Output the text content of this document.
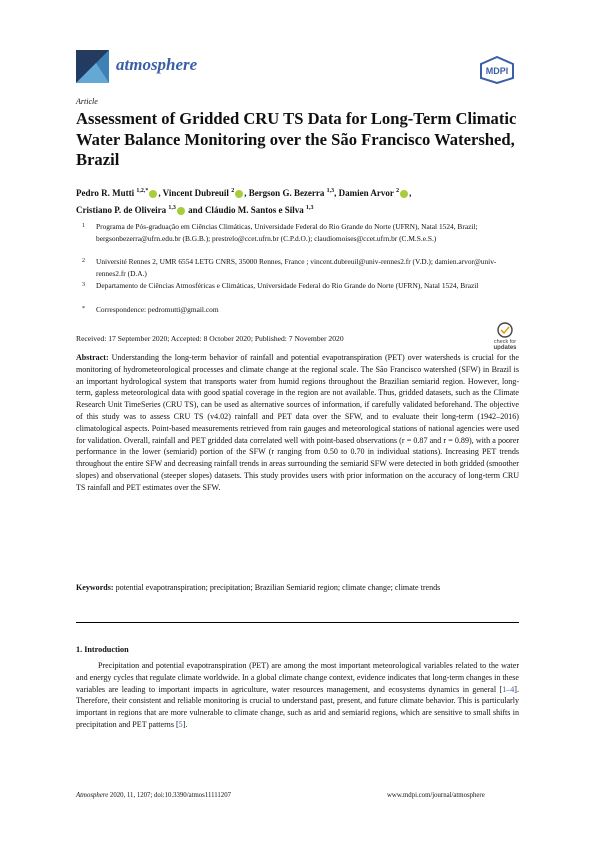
atmosphere	MDPI
Article
Assessment of Gridded CRU TS Data for Long-Term Climatic Water Balance Monitoring over the São Francisco Watershed, Brazil
Pedro R. Mutti $^{1,2,*}$ , Vincent Dubreuil $^2$ , Bergson G. Bezerra $^{1,3}$, Damien Arvor $^2$ ,
Cristiano P. de Oliveira $^{1,3}$ and Cláudio M. Santos e Silva $^{1,3}$
1 Programa de Pós-graduação em Ciências Climáticas, Universidade Federal do Rio Grande do Norte (UFRN), Natal 1524, Brazil; bergsonbezerra@ufrn.edu.br (B.G.B.); prestrelo@ccet.ufrn.br (C.P.d.O.); claudiomoises@ccet.ufrn.br (C.M.S.e.S.)
2 Université Rennes 2, UMR 6554 LETG CNRS, 35000 Rennes, France ; vincent.dubreuil@univ-rennes2.fr (V.D.); damien.arvor@univ-rennes2.fr (D.A.)
3 Departamento de Ciências Atmosféricas e Climáticas, Universidade Federal do Rio Grande do Norte (UFRN), Natal 1524, Brazil
* Correspondence: pedromutti@gmail.com
Received: 17 September 2020; Accepted: 8 October 2020; Published: 7 November 2020	check for
updates
Abstract: Understanding the long-term behavior of rainfall and potential evapotranspiration (PET) over watersheds is crucial for the monitoring of hydrometeorological processes and climate change at the regional scale. The São Francisco watershed (SFW) in Brazil is an important hydrological system that transports water from humid regions throughout the Brazilian semiarid region. However, long-term, gapless meteorological data with good spatial coverage in the region are not available. Thus, gridded datasets, such as the Climate Research Unit TimeSeries (CRU TS), can be used as alternative sources of information, if carefully validated beforehand. The objective of this study was to assess CRU TS (v4.02) rainfall and PET data over the SFW, and to evaluate their long-term (1942–2016) climatological aspects. Point-based measurements retrieved from rain gauges and meteorological stations of national agencies were used for validation. Overall, rainfall and PET gridded data correlated well with point-based observations (r = 0.87 and r = 0.89), with a poorer performance in the lower (semiarid) portion of the SFW (r ranging from 0.50 to 0.70 in individual stations). Increasing PET trends throughout the entire SFW and decreasing rainfall trends in areas surrounding the semiarid SFW were detected in both gridded (smoother slopes) and observational (steeper slopes) datasets. This study provides users with prior information on the accuracy of long-term CRU TS rainfall and PET estimates over the SFW.
Keywords: potential evapotranspiration; precipitation; Brazilian Semiarid region; climate change; climate trends
1. Introduction
Precipitation and potential evapotranspiration (PET) are among the most important meteorological variables related to the water and energy cycles that regulate climate worldwide. In a global climate change context, evidence indicates that long-term changes in these variables are leading to important impacts in agriculture, water resources management, and ecosystems dynamics in general [1–4]. Therefore, their consistent and reliable monitoring is crucial to understand past, present, and future climate behavior. This is particularly important in regions that are more vulnerable to climate change, such as arid and semiarid regions, which are sensitive to small shifts in precipitation and PET patterns [5].
Atmosphere 2020, 11, 1207; doi:10.3390/atmos11111207	www.mdpi.com/journal/atmosphere
